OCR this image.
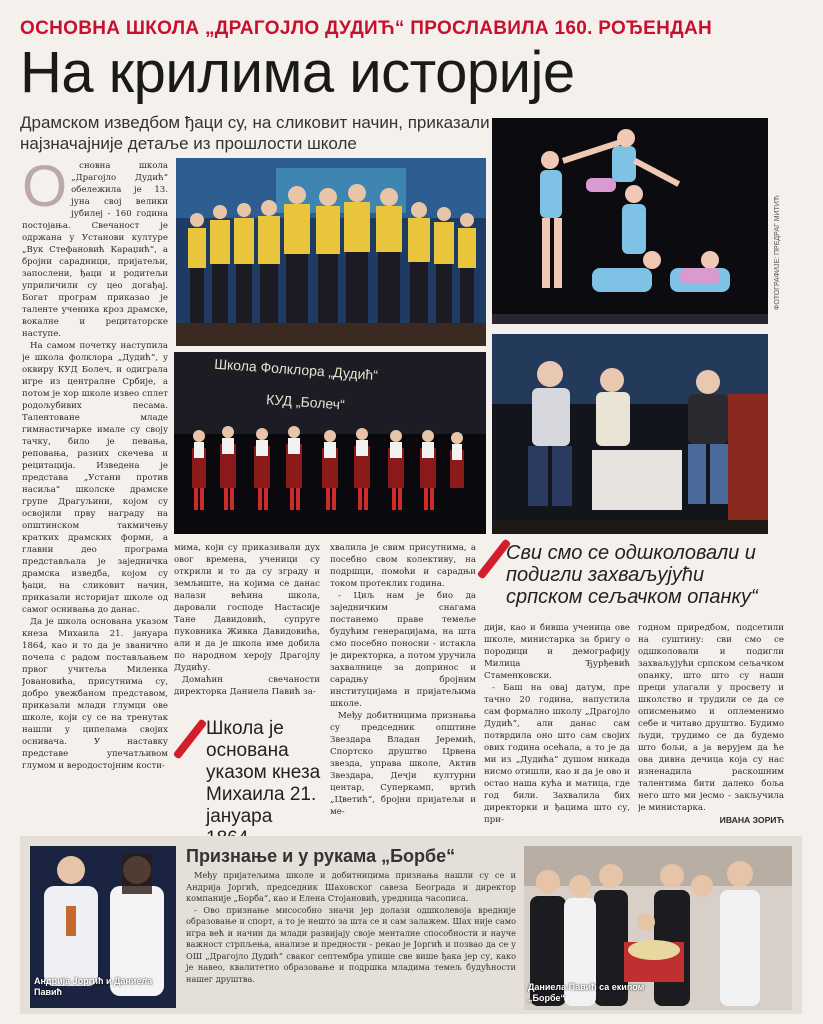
ОСНОВНА ШКОЛА „ДРАГОЈЛО ДУДИЋ“ ПРОСЛАВИЛА 160. РОЂЕНДАН
На крилима историје
Драмском изведбом ђаци су, на сликовит начин, приказали најзначајније детаље из прошлости школе
ФОТОГРАФИЈЕ: ПРЕДРАГ МИТИЋ
Школа Фолклора „Дудић“
КУД „Болеч“
О	сновна школа „Драгојло Дудић“ обележила је 13. јуна свој велики јубилеј - 160 година постојања. Свечаност је одржана у Установи културе „Вук Стефановић Караџић“, а бројни сарадници, пријатељи, запослени, ђаци и родитељи уприличили су цео догађај. Богат програм приказао је таленте ученика кроз драмске, вокалне и рецитаторске наступе.

На самом почетку наступила је школа фолклора „Дудић“, у оквиру КУД Болеч, и одиграла игре из централне Србије, а потом је хор школе извео сплет родољубивих песама. Талентоване младе гимнастичарке имале су своју тачку, било је певања, реповања, разних скечева и рецитација. Изведена је представа „Устани против насиља“ школске драмске групе Драгуљини, којом су освојили прву награду на општинском такмичењу кратких драмских форми, а главни део програма представљала је заједничка драмска изведба, којом су ђаци, на сликовит начин, приказали историјат школе од самог оснивања до данас.

Да је школа основана указом кнеза Михаила 21. јануара 1864, као и то да је званично почела с радом постављањем првог учитеља Миленка Јовановића, присутнима су, добро увежбаном представом, приказали млади глумци ове школе, који су се на тренутак нашли у ципелама својих оснивача. У наставку представе упечатљивом глумом и веродостојним кости-

мима, који су приказивали дух овог времена, ученици су открили и то да су зграду и земљиште, на којима се данас налази већина школа, даровали господе Настасије Тане Давидовић, супруге пуковника Живка Давидовића, али и да је школа име добила по народном хероју Драгојлу Дудићу.

Домаћин свечаности директорка Даниела Павић за-

хвалила је свим присутнима, а посебно свом колективу, на подршци, помоћи и сарадњи током протеклих година.

- Циљ нам је био да заједничким снагама постанемо праве темеље будућим генерацијама, на шта смо посебно поносни - истакла је директорка, а потом уручила захвалнице за допринос и сарадњу бројним институцијама и пријатељима школе.

Међу добитницима признања су председник општине Звездара Владан Јеремић, Спортско друштво Црвена звезда, управа школе, Актив Звездара, Дечји културни центар, Суперкамп, вртић „Цветић“, бројни пријатељи и ме-

дији, као и бивша ученица ове школе, министарка за бригу о породици и демографију Милица Ђурђевић Стаменковски.

- Баш на овај датум, пре тачно 20 година, напустила сам формално школу „Драгојло Дудић“, али данас сам потврдила оно што сам својих ових година осећала, а то је да ми из „Дудића“ душом никада нисмо отишли, као и да је ово и остао наша кућа и матица, где год били. Захвалила бих директорки и ђацима што су, при-

годном приредбом, подсетили на суштину: сви смо се одшколовали и подигли захваљујући српском сељачком опанку, што што су наши преци улагали у просвету и школство и трудили се да се описмењимо и оплеменимо себе и читаво друштво. Будимо људи, трудимо се да будемо што бољи, а ја верујем да ће ова дивна дечица која су нас изненадила раскошним талентима бити далеко боља него што ми јесмо - закључила је министарка.

ИВАНА ЗОРИЋ
Сви смо се одшколовали и подигли захваљујући српском сељачком опанку“
Школа је основана указом кнеза Михаила 21. јануара
Андрија Јоргић и Даниела Павић
Признање и у рукама „Борбе“

Међу пријатељима школе и добитницима признања нашли су се и Андрија Јоргић, председник Шаховског савеза Београда и директор компаније „Борба“, као и Елена Стојановић, уредница часописа.

- Ово признање мисособно значи јер долази одшколевоја вредније образовање и спорт, а то је нешто за шта се и сам залажем. Шах није само игра већ и начин да млади развијају своје менталне способности и науче важност стрпљења, анализе и предности - рекао је Јоргић и позвао да се у ОШ „Драгојло Дудић“ сваког септембра упише све више ђака јер су, како је навео, квалитетно образовање и подршка младима темељ будућности нашег друштва.

Даниела Павић са екипом „Борбе“
